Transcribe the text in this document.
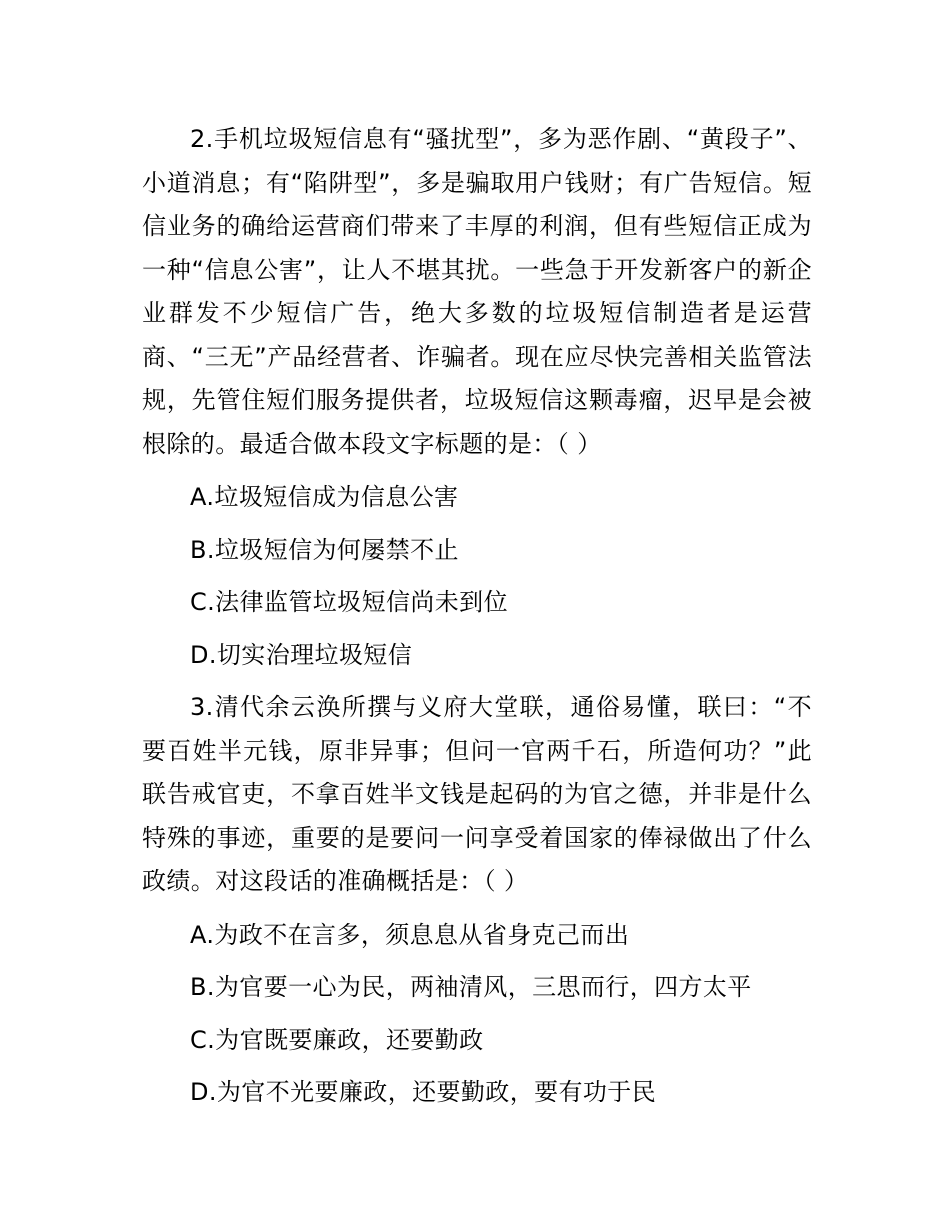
2.手机垃圾短信息有“骚扰型”，多为恶作剧、“黄段子”、小道消息；有“陷阱型”，多是骗取用户钱财；有广告短信。短信业务的确给运营商们带来了丰厚的利润，但有些短信正成为一种“信息公害”，让人不堪其扰。一些急于开发新客户的新企业群发不少短信广告，绝大多数的垃圾短信制造者是运营商、“三无”产品经营者、诈骗者。现在应尽快完善相关监管法规，先管住短们服务提供者，垃圾短信这颗毒瘤，迟早是会被根除的。最适合做本段文字标题的是：（ ）

A.垃圾短信成为信息公害

B.垃圾短信为何屡禁不止

C.法律监管垃圾短信尚未到位

D.切实治理垃圾短信

3.清代余云涣所撰与义府大堂联，通俗易懂，联曰：“不要百姓半元钱，原非异事；但问一官两千石，所造何功？”此联告戒官吏，不拿百姓半文钱是起码的为官之德，并非是什么特殊的事迹，重要的是要问一问享受着国家的俸禄做出了什么政绩。对这段话的准确概括是：（ ）

A.为政不在言多，须息息从省身克己而出

B.为官要一心为民，两袖清风，三思而行，四方太平

C.为官既要廉政，还要勤政

D.为官不光要廉政，还要勤政，要有功于民
